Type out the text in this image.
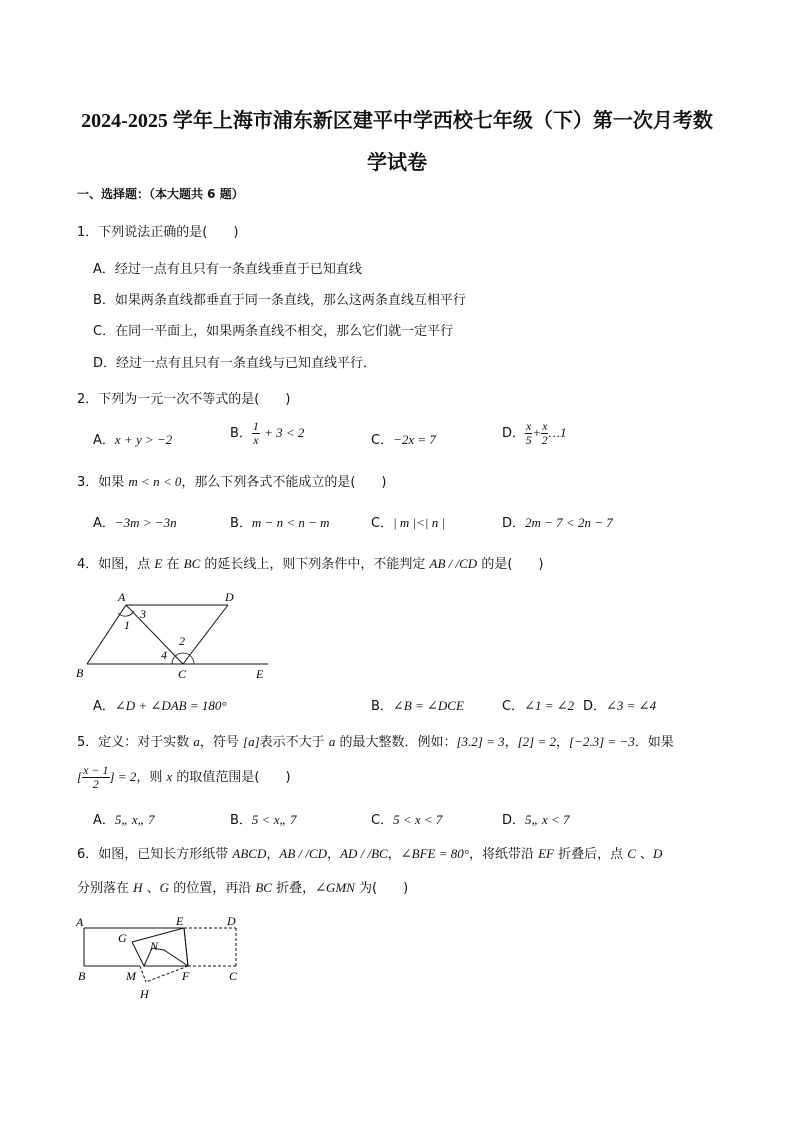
2024-2025 学年上海市浦东新区建平中学西校七年级（下）第一次月考数
学试卷
一、选择题：（本大题共 6 题）
1．下列说法正确的是(　　)
A．经过一点有且只有一条直线垂直于已知直线
B．如果两条直线都垂直于同一条直线，那么这两条直线互相平行
C．在同一平面上，如果两条直线不相交，那么它们就一定平行
D．经过一点有且只有一条直线与已知直线平行．
2．下列为一元一次不等式的是(　　)
A．x + y > −2	B． $\frac{1}{x} + 3 < 2$
C．−2x = 7	D． $\frac{x}{5} + \frac{x}{2}$ …1
3．如果 m < n < 0，那么下列各式不能成立的是(　　)
A．−3m > −3n	B．m − n < n − m	C．| m |<| n |	D．2m − 7 < 2n − 7
4．如图，点 E 在 BC 的延长线上，则下列条件中，不能判定 AB / /CD 的是(　　)
A	D
B	C	E
1
3
2
4
A．∠D + ∠DAB = 180°	B．∠B = ∠DCE	C．∠1 = ∠2 D．∠3 = ∠4
5．定义：对于实数 a，符号 [a]表示不大于 a 的最大整数．例如：[3.2] = 3，[2] = 2，[−2.3] = −3．如果
[ $\frac{x - 1}{2}$ ] = 2，则 x 的取值范围是(　　)
A．5„ x„ 7	B．5 < x„ 7	C．5 < x < 7	D．5„ x < 7
6．如图，已知长方形纸带 ABCD，AB / /CD，AD / /BC，∠BFE = 80°，将纸带沿 EF 折叠后，点 C 、D
分别落在 H 、G 的位置，再沿 BC 折叠，∠GMN 为(　　)
A	E	D
G
N
B	M	F	C
H
